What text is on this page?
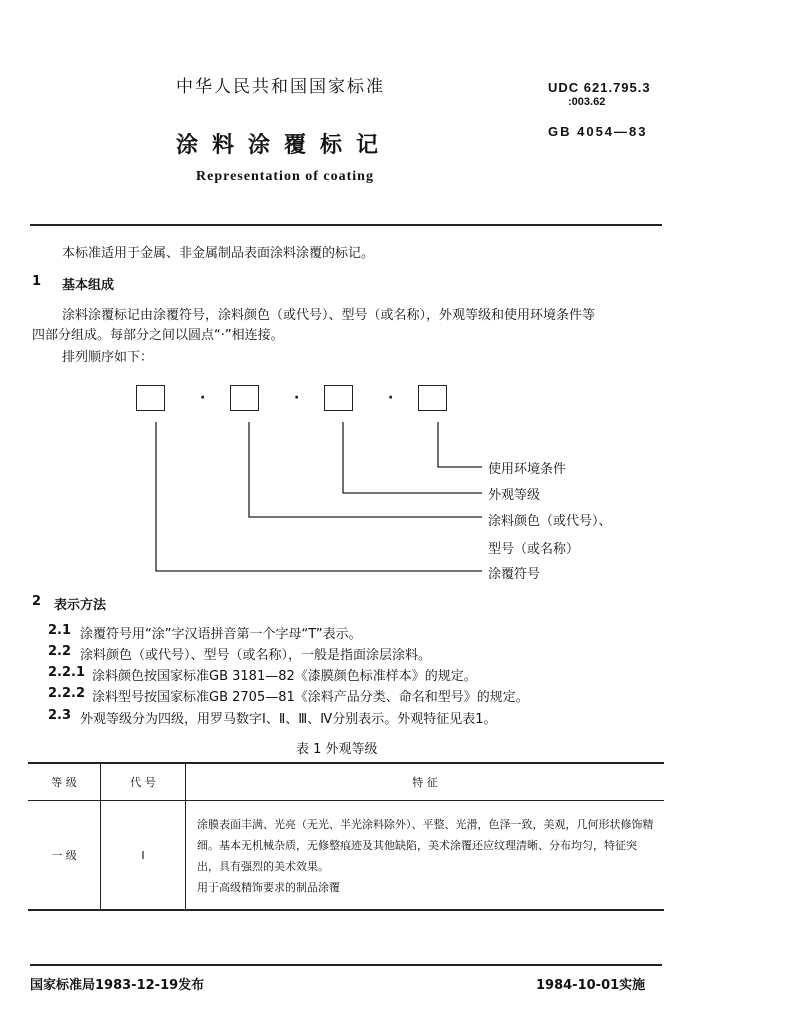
中华人民共和国国家标准
涂料涂覆标记
Representation of coating
UDC 621.795.3
:003.62
GB 4054—83
本标准适用于金属、非金属制品表面涂料涂覆的标记。
1 基本组成
涂料涂覆标记由涂覆符号，涂料颜色（或代号）、型号（或名称），外观等级和使用环境条件等
四部分组成。每部分之间以圆点“·”相连接。
排列顺序如下：
·	·	·
使用环境条件
外观等级
涂料颜色（或代号）、
型号（或名称）
涂覆符号
2 表示方法
2.1 涂覆符号用“涂”字汉语拼音第一个字母“T”表示。
2.2 涂料颜色（或代号）、型号（或名称），一般是指面涂层涂料。
2.2.1 涂料颜色按国家标准GB 3181—82《漆膜颜色标准样本》的规定。
2.2.2 涂料型号按国家标准GB 2705—81《涂料产品分类、命名和型号》的规定。
2.3 外观等级分为四级，用罗马数字Ⅰ、Ⅱ、Ⅲ、Ⅳ分别表示。外观特征见表1。
表 1 外观等级
等 级	代 号	特 征
一 级	Ⅰ	涂膜表面丰满、光亮（无光、半光涂料除外）、平整、光滑，色泽一致，美观，几何形状修饰精细。基本无机械杂质，无修整痕迹及其他缺陷，美术涂覆还应纹理清晰、分布均匀，特征突出，具有强烈的美术效果。
用于高级精饰要求的制品涂覆
国家标准局1983-12-19发布	1984-10-01实施
